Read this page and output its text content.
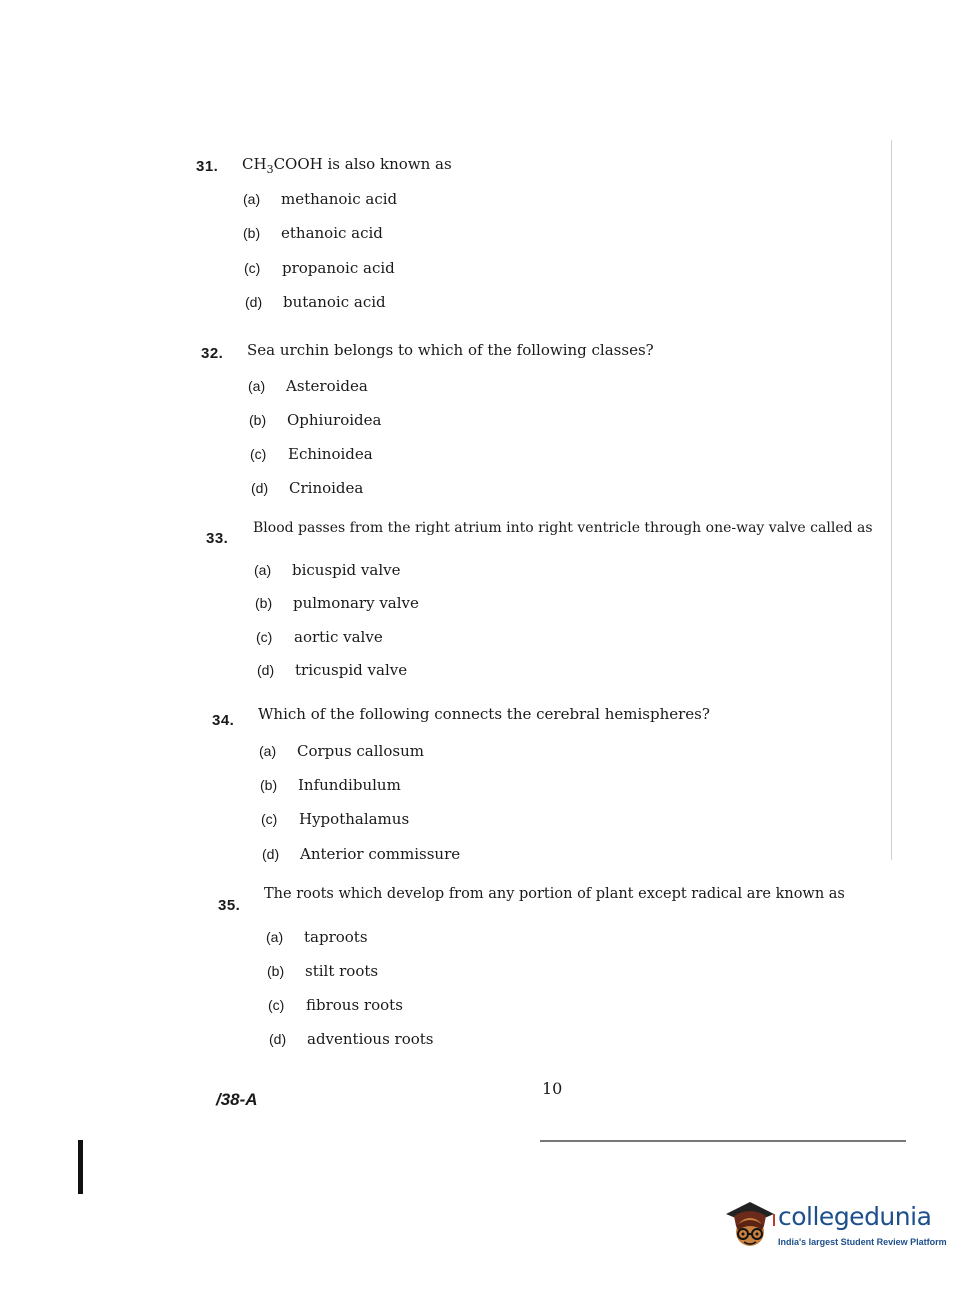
31. $CH_3COOH$ is also known as
(a) methanoic acid
(b) ethanoic acid
(c) propanoic acid
(d) butanoic acid
32. Sea urchin belongs to which of the following classes?
(a) Asteroidea
(b) Ophiuroidea
(c) Echinoidea
(d) Crinoidea
33.
Blood passes from the right atrium into right ventricle through one-way valve called as
(a) bicuspid valve
(b) pulmonary valve
(c) aortic valve
(d) tricuspid valve
34. Which of the following connects the cerebral hemispheres?
(a) Corpus callosum
(b) Infundibulum
(c) Hypothalamus
(d) Anterior commissure
35.
The roots which develop from any portion of plant except radical are known as
(a) taproots
(b) stilt roots
(c) fibrous roots
(d) adventious roots
/38-A
10
collegedunia
India's largest Student Review Platform
